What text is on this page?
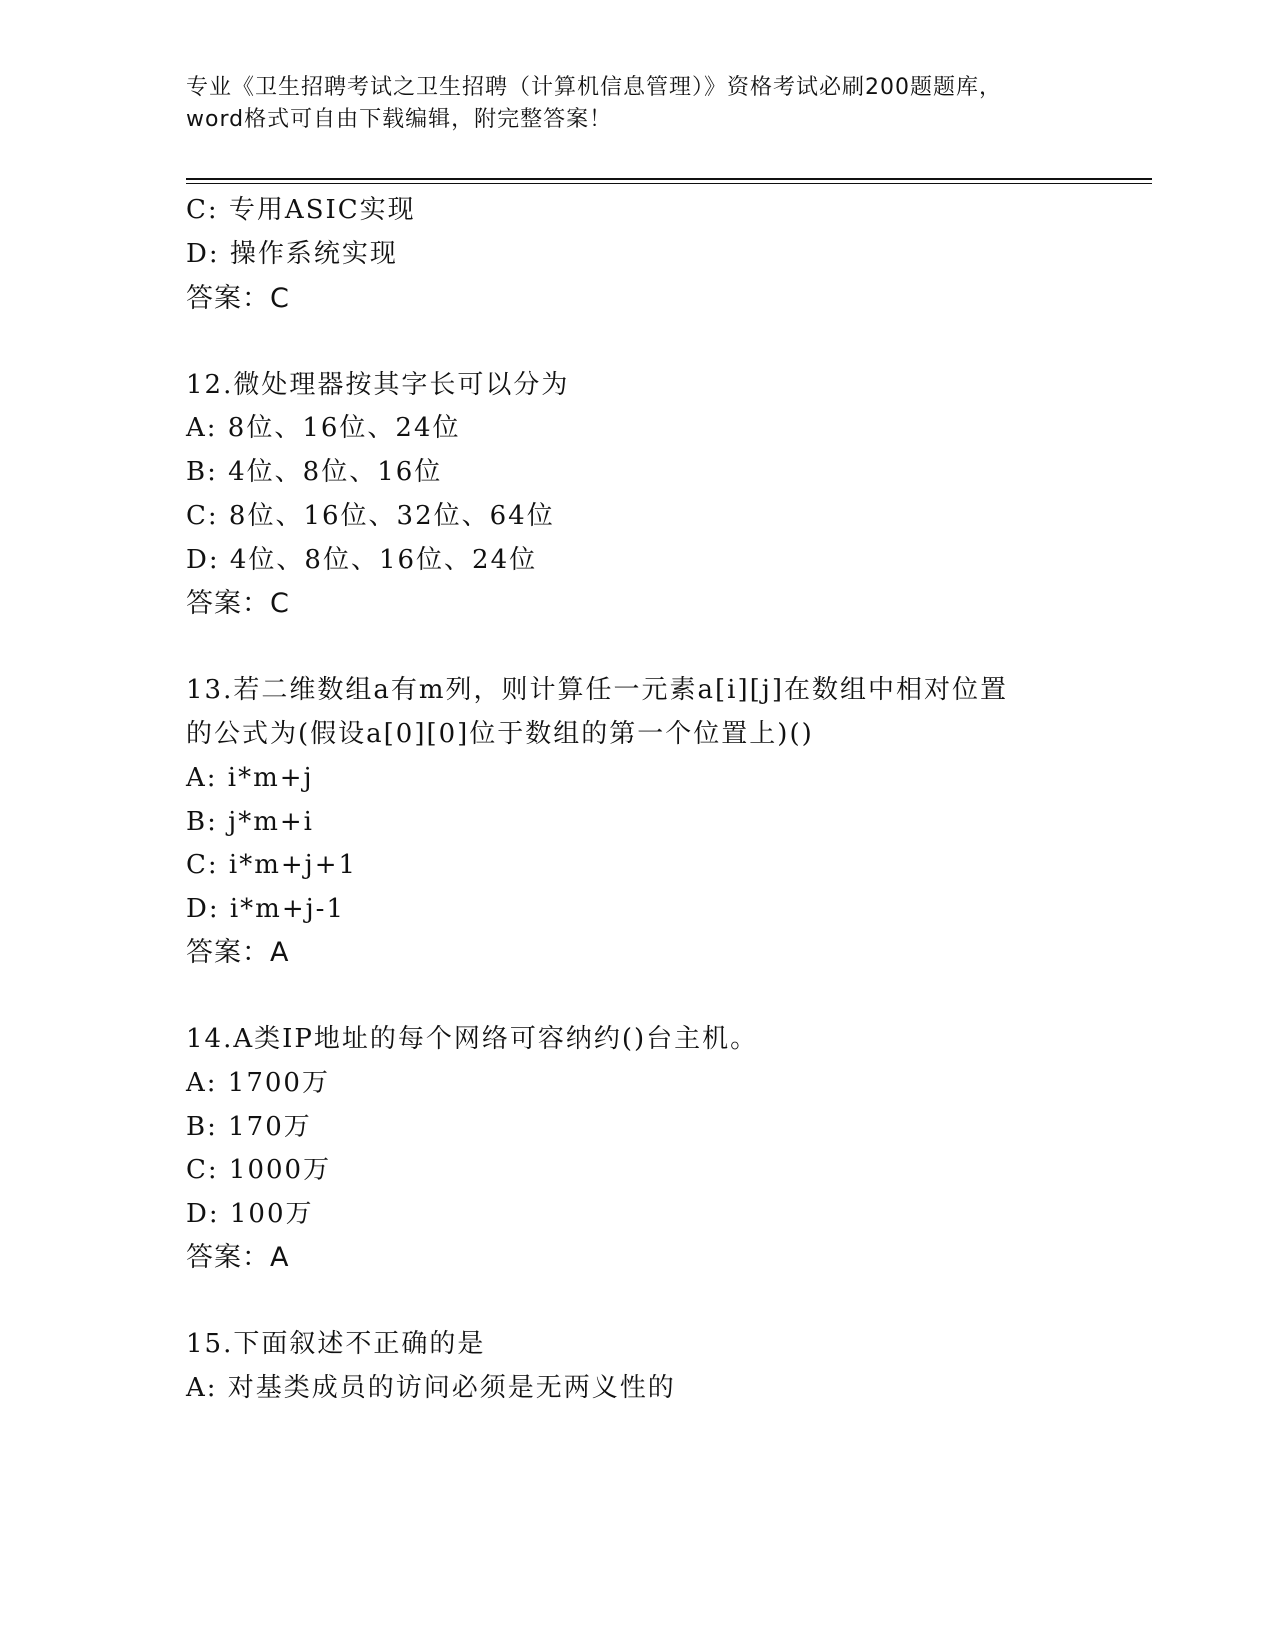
专业《卫生招聘考试之卫生招聘（计算机信息管理）》资格考试必刷200题题库，
word格式可自由下载编辑，附完整答案！
C: 专用ASIC实现
D: 操作系统实现
答案：C
12.微处理器按其字长可以分为
A: 8位、16位、24位
B: 4位、8位、16位
C: 8位、16位、32位、64位
D: 4位、8位、16位、24位
答案：C
13.若二维数组a有m列，则计算任一元素a[i][j]在数组中相对位置
的公式为(假设a[0][0]位于数组的第一个位置上)()
A: i*m+j
B: j*m+i
C: i*m+j+1
D: i*m+j-1
答案：A
14.A类IP地址的每个网络可容纳约()台主机。
A: 1700万
B: 170万
C: 1000万
D: 100万
答案：A
15.下面叙述不正确的是
A: 对基类成员的访问必须是无两义性的
